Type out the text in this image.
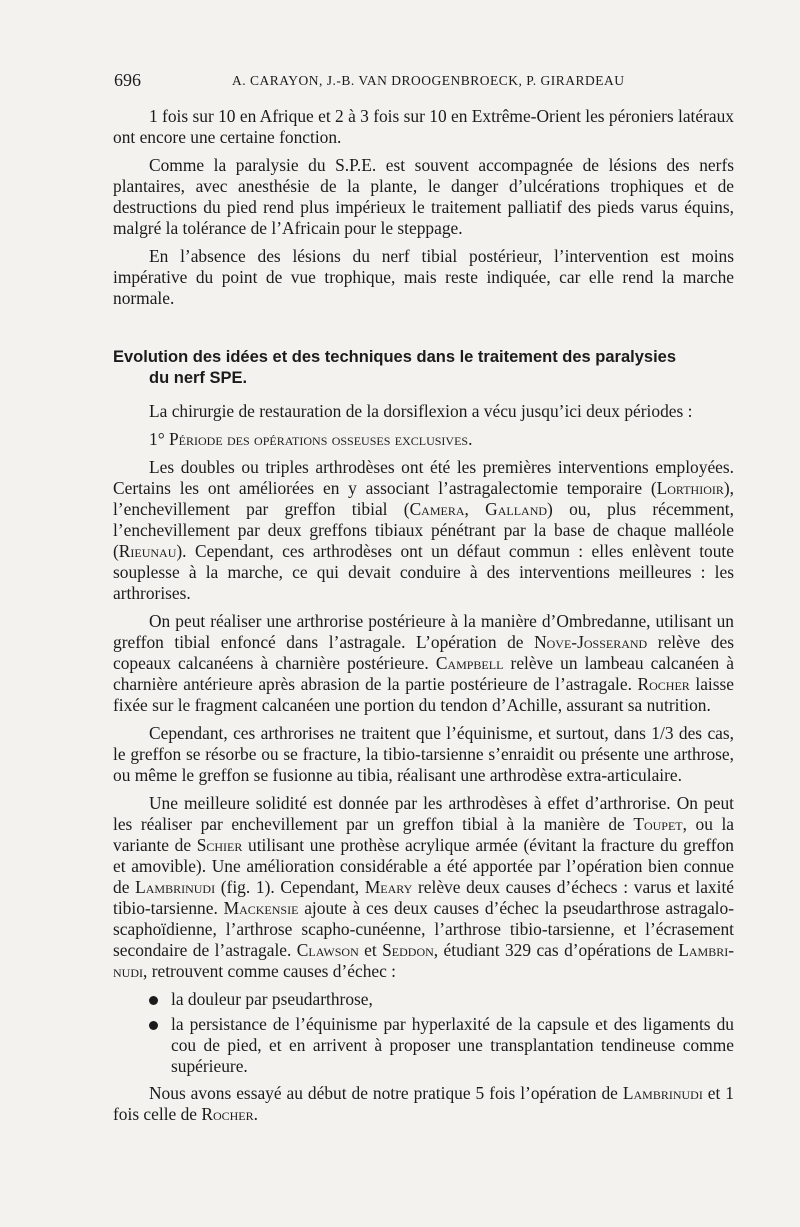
696	A. CARAYON, J.-B. VAN DROOGENBROECK, P. GIRARDEAU

1 fois sur 10 en Afrique et 2 à 3 fois sur 10 en Extrême-Orient les péroniers latéraux ont encore une certaine fonction.

Comme la paralysie du S.P.E. est souvent accompagnée de lésions des nerfs plantaires, avec anesthésie de la plante, le danger d’ulcérations trophiques et de destructions du pied rend plus impérieux le traitement palliatif des pieds varus équins, malgré la tolérance de l’Africain pour le steppage.

En l’absence des lésions du nerf tibial postérieur, l’intervention est moins impérative du point de vue trophique, mais reste indiquée, car elle rend la marche normale.

Evolution des idées et des techniques dans le traitement des paralysies
du nerf SPE.

La chirurgie de restauration de la dorsiflexion a vécu jusqu’ici deux périodes :

1° Période des opérations osseuses exclusives.

Les doubles ou triples arthrodèses ont été les premières interventions employées. Certains les ont améliorées en y associant l’astragalectomie temporaire (Lorthioir), l’enchevillement par greffon tibial (Camera, Galland) ou, plus récemment, l’enchevillement par deux greffons tibiaux pénétrant par la base de chaque malléole (Rieunau). Cependant, ces arthrodèses ont un défaut commun : elles enlèvent toute souplesse à la marche, ce qui devait conduire à des interventions meilleures : les arthrorises.

On peut réaliser une arthrorise postérieure à la manière d’Ombredanne, utilisant un greffon tibial enfoncé dans l’astragale. L’opération de Nove-Josserand relève des copeaux calcanéens à charnière postérieure. Campbell relève un lambeau calcanéen à charnière antérieure après abrasion de la partie postérieure de l’astragale. Rocher laisse fixée sur le fragment calcanéen une portion du tendon d’Achille, assurant sa nutrition.

Cependant, ces arthrorises ne traitent que l’équinisme, et surtout, dans 1/3 des cas, le greffon se résorbe ou se fracture, la tibio-tarsienne s’enraidit ou présente une arthrose, ou même le greffon se fusionne au tibia, réalisant une arthrodèse extra-articulaire.

Une meilleure solidité est donnée par les arthrodèses à effet d’arthrorise. On peut les réaliser par enchevillement par un greffon tibial à la manière de Toupet, ou la variante de Schier utilisant une prothèse acrylique armée (évitant la fracture du greffon et amovible). Une amélioration considérable a été apportée par l’opération bien connue de Lambrinudi (fig. 1). Cependant, Meary relève deux causes d’échecs : varus et laxité tibio-tarsienne. Mackensie ajoute à ces deux causes d’échec la pseudarthrose astragalo-scaphoïdienne, l’arthrose scapho-cunéenne, l’arthrose tibio-tarsienne, et l’écrasement secondaire de l’astragale. Clawson et Seddon, étudiant 329 cas d’opérations de Lambri-nudi, retrouvent comme causes d’échec :

la douleur par pseudarthrose,
la persistance de l’équinisme par hyperlaxité de la capsule et des ligaments du cou de pied, et en arrivent à proposer une transplantation tendineuse comme supérieure.

Nous avons essayé au début de notre pratique 5 fois l’opération de Lambrinudi et 1 fois celle de Rocher.
